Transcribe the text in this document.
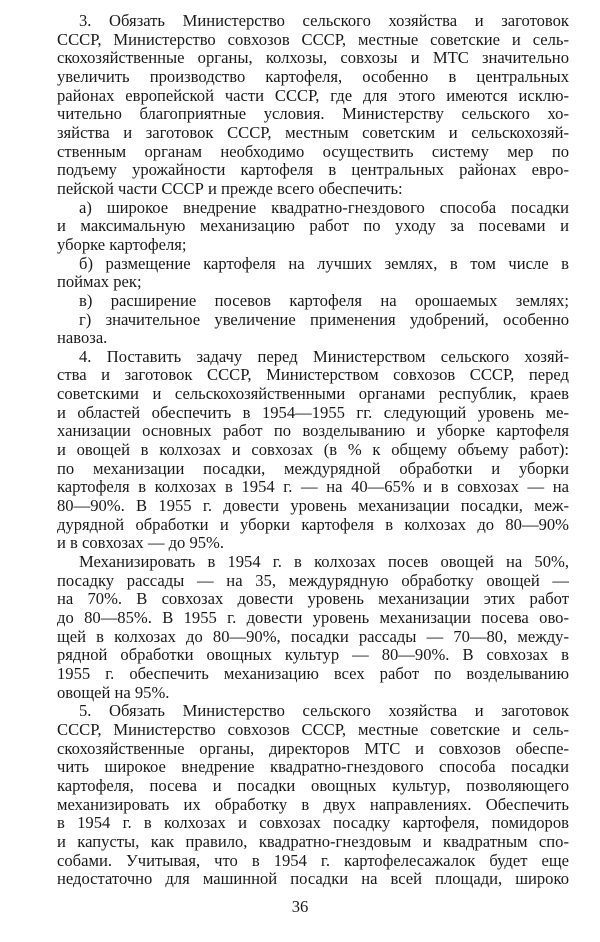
3. Обязать Министерство сельского хозяйства и заготовок
СССР, Министерство совхозов СССР, местные советские и сель-
скохозяйственные органы, колхозы, совхозы и МТС значительно
увеличить производство картофеля, особенно в центральных
районах европейской части СССР, где для этого имеются исклю-
чительно благоприятные условия. Министерству сельского хо-
зяйства и заготовок СССР, местным советским и сельскохозяй-
ственным органам необходимо осуществить систему мер по
подъему урожайности картофеля в центральных районах евро-
пейской части СССР и прежде всего обеспечить:
а) широкое внедрение квадратно-гнездового способа посадки
и максимальную механизацию работ по уходу за посевами и
уборке картофеля;
б) размещение картофеля на лучших землях, в том числе в
поймах рек;
в) расширение посевов картофеля на орошаемых землях;
г) значительное увеличение применения удобрений, особенно
навоза.
4. Поставить задачу перед Министерством сельского хозяй-
ства и заготовок СССР, Министерством совхозов СССР, перед
советскими и сельскохозяйственными органами республик, краев
и областей обеспечить в 1954—1955 гг. следующий уровень ме-
ханизации основных работ по возделыванию и уборке картофеля
и овощей в колхозах и совхозах (в % к общему объему работ):
по механизации посадки, междурядной обработки и уборки
картофеля в колхозах в 1954 г. — на 40—65% и в совхозах — на
80—90%. В 1955 г. довести уровень механизации посадки, меж-
дурядной обработки и уборки картофеля в колхозах до 80—90%
и в совхозах — до 95%.
Механизировать в 1954 г. в колхозах посев овощей на 50%,
посадку рассады — на 35, междурядную обработку овощей —
на 70%. В совхозах довести уровень механизации этих работ
до 80—85%. В 1955 г. довести уровень механизации посева ово-
щей в колхозах до 80—90%, посадки рассады — 70—80, междy-
рядной обработки овощных культур — 80—90%. В совхозах в
1955 г. обеспечить механизацию всех работ по возделыванию
овощей на 95%.
5. Обязать Министерство сельского хозяйства и заготовок
СССР, Министерство совхозов СССР, местные советские и сель-
скохозяйственные органы, директоров МТС и совхозов обеспе-
чить широкое внедрение квадратно-гнездового способа посадки
картофеля, посева и посадки овощных культур, позволяющего
механизировать их обработку в двух направлениях. Обеспечить
в 1954 г. в колхозах и совхозах посадку картофеля, помидоров
и капусты, как правило, квадратно-гнездовым и квадратным спо-
собами. Учитывая, что в 1954 г. картофелесажалок будет еще
недостаточно для машинной посадки на всей площади, широко
36
